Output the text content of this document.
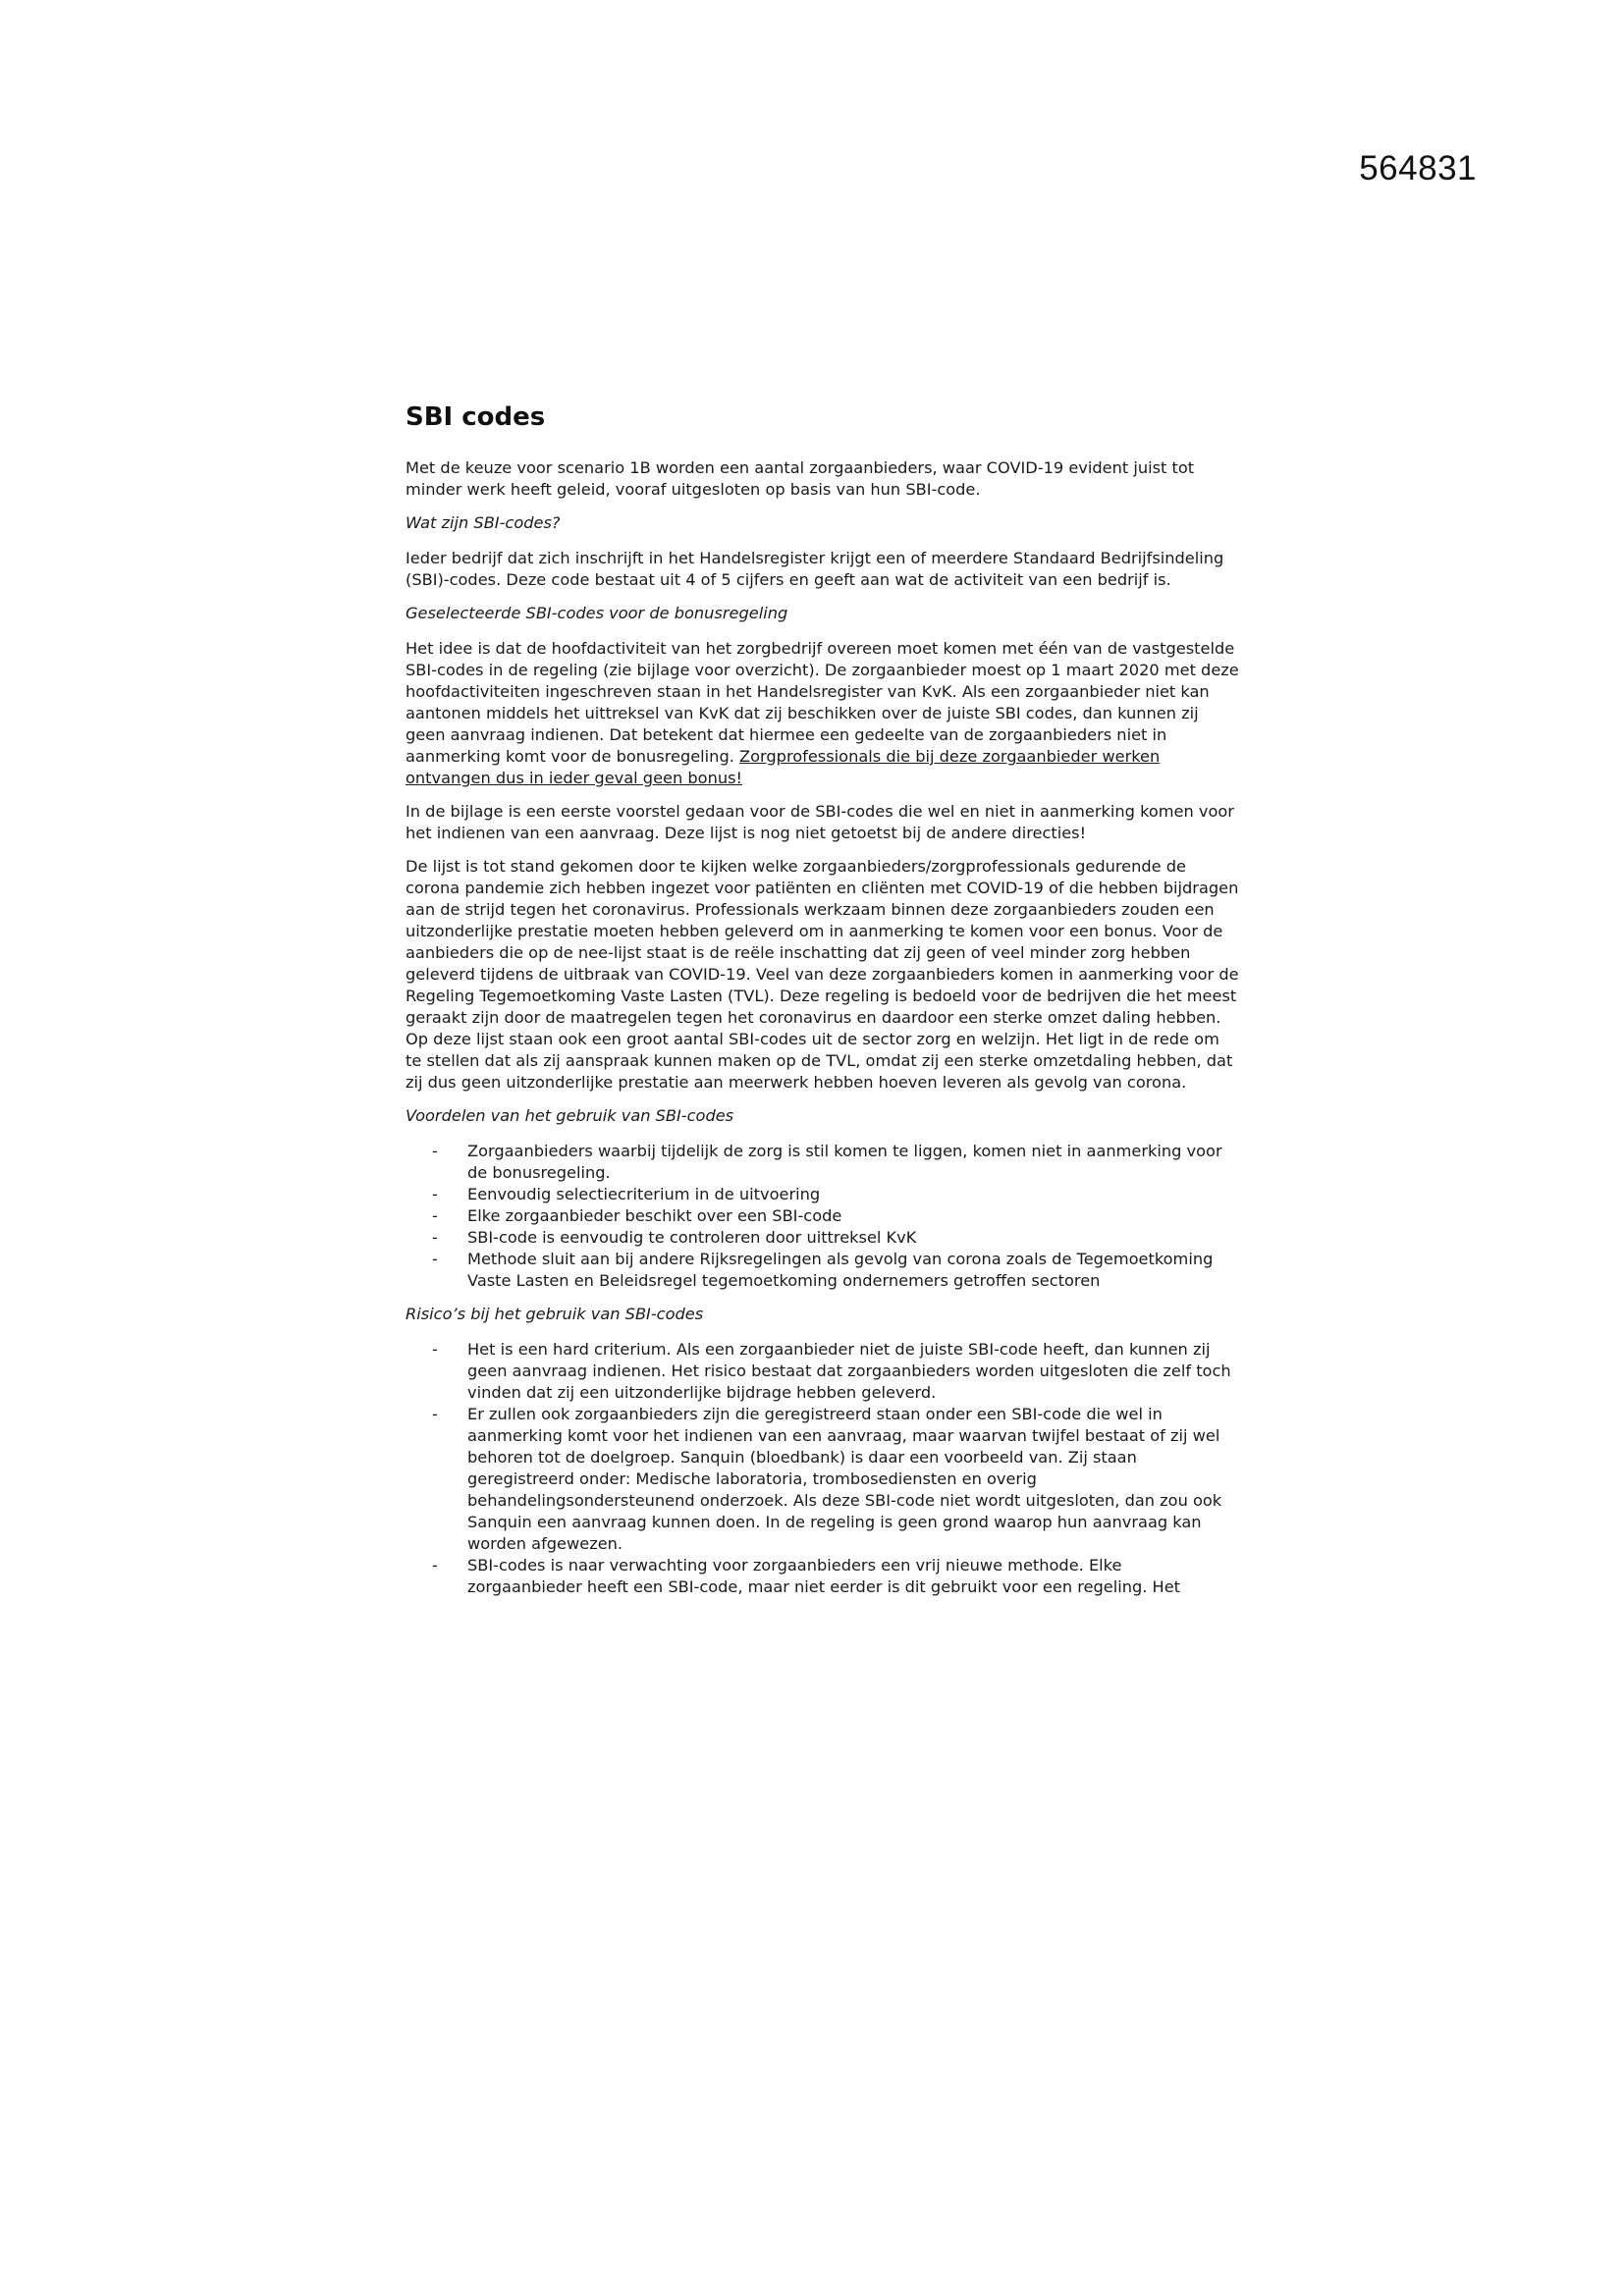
564831
SBI codes

Met de keuze voor scenario 1B worden een aantal zorgaanbieders, waar COVID-19 evident juist tot minder werk heeft geleid, vooraf uitgesloten op basis van hun SBI-code.

Wat zijn SBI-codes?

Ieder bedrijf dat zich inschrijft in het Handelsregister krijgt een of meerdere Standaard Bedrijfsindeling (SBI)-codes. Deze code bestaat uit 4 of 5 cijfers en geeft aan wat de activiteit van een bedrijf is.

Geselecteerde SBI-codes voor de bonusregeling

Het idee is dat de hoofdactiviteit van het zorgbedrijf overeen moet komen met één van de vastgestelde SBI-codes in de regeling (zie bijlage voor overzicht). De zorgaanbieder moest op 1 maart 2020 met deze hoofdactiviteiten ingeschreven staan in het Handelsregister van KvK. Als een zorgaanbieder niet kan aantonen middels het uittreksel van KvK dat zij beschikken over de juiste SBI codes, dan kunnen zij geen aanvraag indienen. Dat betekent dat hiermee een gedeelte van de zorgaanbieders niet in aanmerking komt voor de bonusregeling. Zorgprofessionals die bij deze zorgaanbieder werken ontvangen dus in ieder geval geen bonus!

In de bijlage is een eerste voorstel gedaan voor de SBI-codes die wel en niet in aanmerking komen voor het indienen van een aanvraag. Deze lijst is nog niet getoetst bij de andere directies!

De lijst is tot stand gekomen door te kijken welke zorgaanbieders/zorgprofessionals gedurende de corona pandemie zich hebben ingezet voor patiënten en cliënten met COVID-19 of die hebben bijdragen aan de strijd tegen het coronavirus. Professionals werkzaam binnen deze zorgaanbieders zouden een uitzonderlijke prestatie moeten hebben geleverd om in aanmerking te komen voor een bonus. Voor de aanbieders die op de nee-lijst staat is de reële inschatting dat zij geen of veel minder zorg hebben geleverd tijdens de uitbraak van COVID-19. Veel van deze zorgaanbieders komen in aanmerking voor de Regeling Tegemoetkoming Vaste Lasten (TVL). Deze regeling is bedoeld voor de bedrijven die het meest geraakt zijn door de maatregelen tegen het coronavirus en daardoor een sterke omzet daling hebben. Op deze lijst staan ook een groot aantal SBI-codes uit de sector zorg en welzijn. Het ligt in de rede om te stellen dat als zij aanspraak kunnen maken op de TVL, omdat zij een sterke omzetdaling hebben, dat zij dus geen uitzonderlijke prestatie aan meerwerk hebben hoeven leveren als gevolg van corona.

Voordelen van het gebruik van SBI-codes

- Zorgaanbieders waarbij tijdelijk de zorg is stil komen te liggen, komen niet in aanmerking voor de bonusregeling.
- Eenvoudig selectiecriterium in de uitvoering
- Elke zorgaanbieder beschikt over een SBI-code
- SBI-code is eenvoudig te controleren door uittreksel KvK
- Methode sluit aan bij andere Rijksregelingen als gevolg van corona zoals de Tegemoetkoming Vaste Lasten en Beleidsregel tegemoetkoming ondernemers getroffen sectoren

Risico’s bij het gebruik van SBI-codes

- Het is een hard criterium. Als een zorgaanbieder niet de juiste SBI-code heeft, dan kunnen zij geen aanvraag indienen. Het risico bestaat dat zorgaanbieders worden uitgesloten die zelf toch vinden dat zij een uitzonderlijke bijdrage hebben geleverd.
- Er zullen ook zorgaanbieders zijn die geregistreerd staan onder een SBI-code die wel in aanmerking komt voor het indienen van een aanvraag, maar waarvan twijfel bestaat of zij wel behoren tot de doelgroep. Sanquin (bloedbank) is daar een voorbeeld van. Zij staan geregistreerd onder: Medische laboratoria, trombosediensten en overig behandelingsondersteunend onderzoek. Als deze SBI-code niet wordt uitgesloten, dan zou ook Sanquin een aanvraag kunnen doen. In de regeling is geen grond waarop hun aanvraag kan worden afgewezen.
- SBI-codes is naar verwachting voor zorgaanbieders een vrij nieuwe methode. Elke zorgaanbieder heeft een SBI-code, maar niet eerder is dit gebruikt voor een regeling. Het
